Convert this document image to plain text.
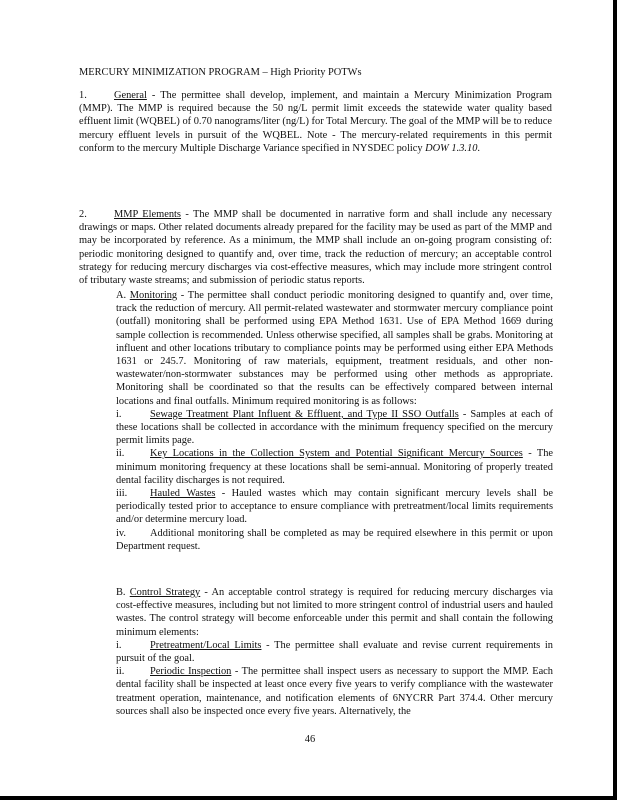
MERCURY MINIMIZATION PROGRAM – High Priority POTWs
1.	General - The permittee shall develop, implement, and maintain a Mercury Minimization Program (MMP). The MMP is required because the 50 ng/L permit limit exceeds the statewide water quality based effluent limit (WQBEL) of 0.70 nanograms/liter (ng/L) for Total Mercury. The goal of the MMP will be to reduce mercury effluent levels in pursuit of the WQBEL. Note - The mercury-related requirements in this permit conform to the mercury Multiple Discharge Variance specified in NYSDEC policy DOW 1.3.10.
2.	MMP Elements - The MMP shall be documented in narrative form and shall include any necessary drawings or maps. Other related documents already prepared for the facility may be used as part of the MMP and may be incorporated by reference. As a minimum, the MMP shall include an on-going program consisting of: periodic monitoring designed to quantify and, over time, track the reduction of mercury; an acceptable control strategy for reducing mercury discharges via cost-effective measures, which may include more stringent control of tributary waste streams; and submission of periodic status reports.
A. Monitoring - The permittee shall conduct periodic monitoring designed to quantify and, over time, track the reduction of mercury. All permit-related wastewater and stormwater mercury compliance point (outfall) monitoring shall be performed using EPA Method 1631. Use of EPA Method 1669 during sample collection is recommended. Unless otherwise specified, all samples shall be grabs. Monitoring at influent and other locations tributary to compliance points may be performed using either EPA Methods 1631 or 245.7. Monitoring of raw materials, equipment, treatment residuals, and other non-wastewater/non-stormwater substances may be performed using other methods as appropriate. Monitoring shall be coordinated so that the results can be effectively compared between internal locations and final outfalls. Minimum required monitoring is as follows:
i.	Sewage Treatment Plant Influent & Effluent, and Type II SSO Outfalls - Samples at each of these locations shall be collected in accordance with the minimum frequency specified on the mercury permit limits page.
ii. Key Locations in the Collection System and Potential Significant Mercury Sources - The minimum monitoring frequency at these locations shall be semi-annual. Monitoring of properly treated dental facility discharges is not required.
iii. Hauled Wastes - Hauled wastes which may contain significant mercury levels shall be periodically tested prior to acceptance to ensure compliance with pretreatment/local limits requirements and/or determine mercury load.
iv. Additional monitoring shall be completed as may be required elsewhere in this permit or upon Department request.
B. Control Strategy - An acceptable control strategy is required for reducing mercury discharges via cost-effective measures, including but not limited to more stringent control of industrial users and hauled wastes. The control strategy will become enforceable under this permit and shall contain the following minimum elements:
i.	Pretreatment/Local Limits - The permittee shall evaluate and revise current requirements in pursuit of the goal.
ii. Periodic Inspection - The permittee shall inspect users as necessary to support the MMP. Each dental facility shall be inspected at least once every five years to verify compliance with the wastewater treatment operation, maintenance, and notification elements of 6NYCRR Part 374.4. Other mercury sources shall also be inspected once every five years. Alternatively, the
46
